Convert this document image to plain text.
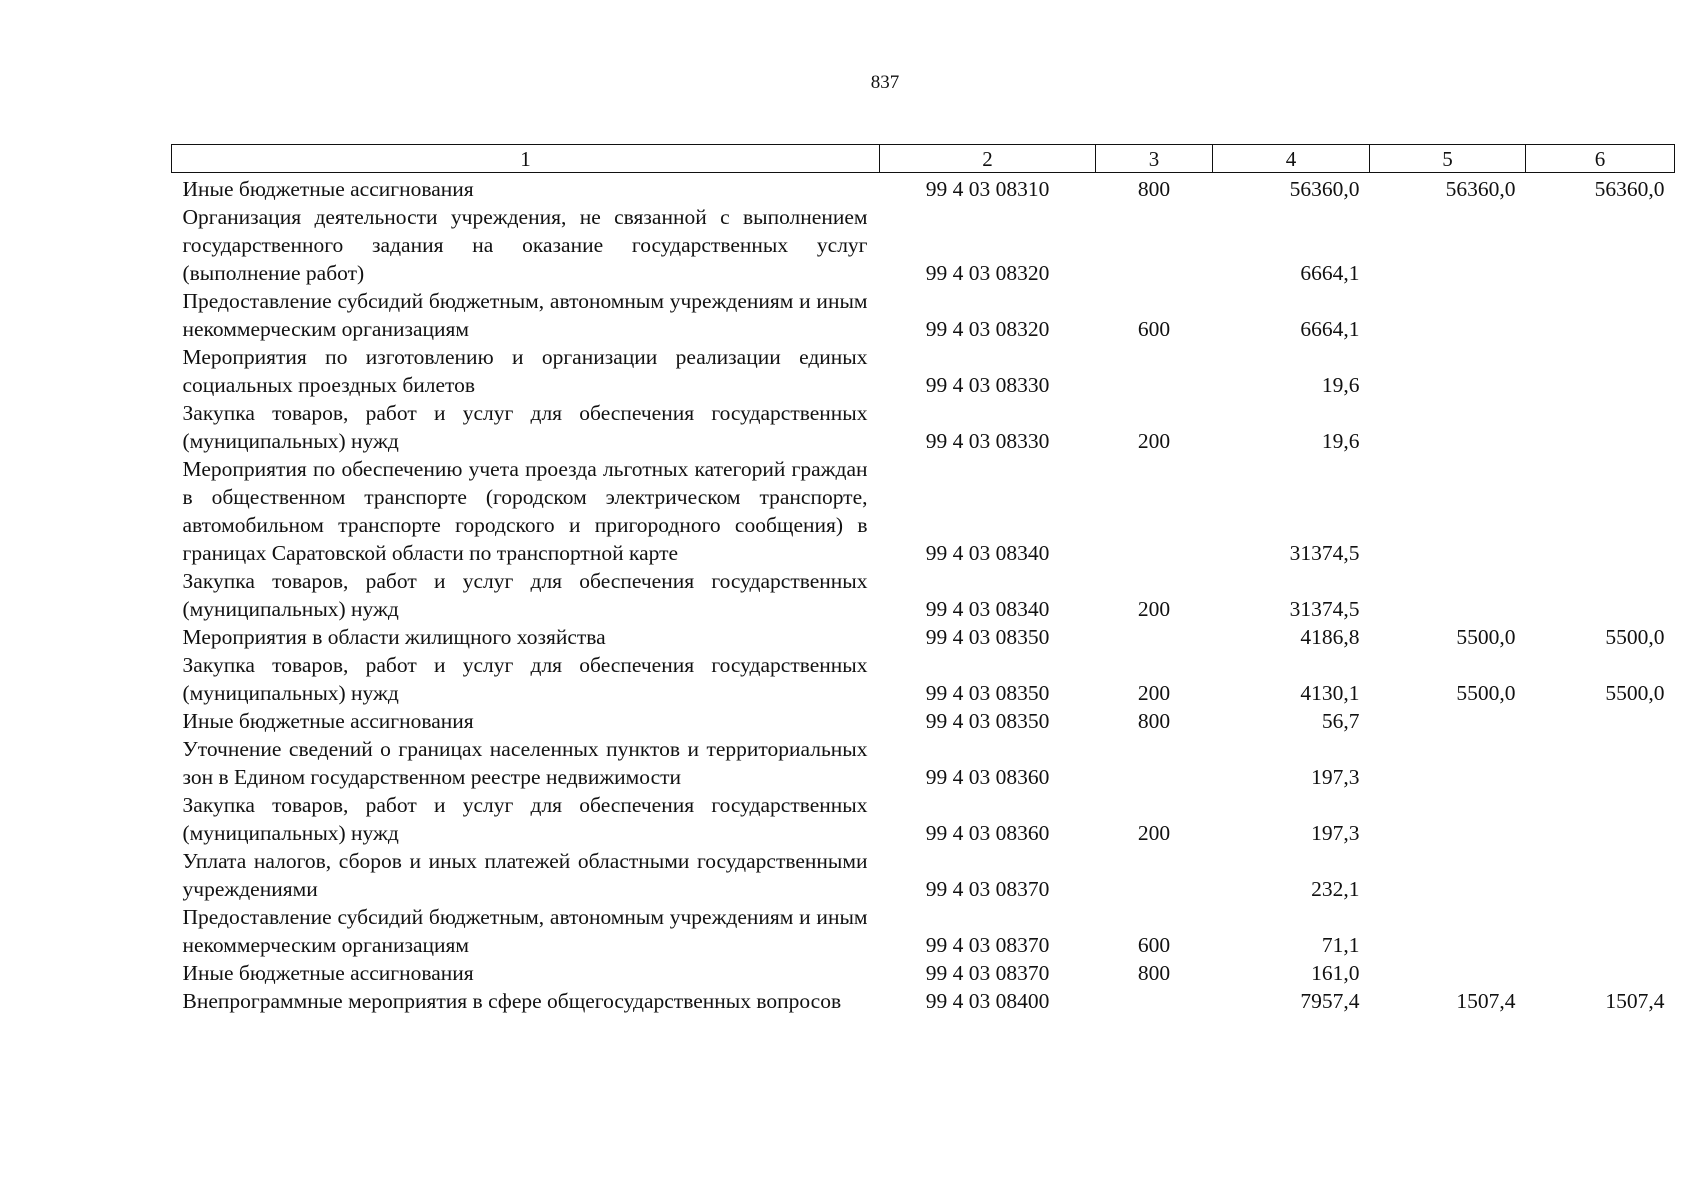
837
1	2	3	4	5	6
Иные бюджетные ассигнования	99 4 03 08310	800	56360,0	56360,0	56360,0
Организация деятельности учреждения, не связанной с выполнением государственного задания на оказание государственных услуг (выполнение работ)	99 4 03 08320		6664,1		
Предоставление субсидий бюджетным, автономным учреждениям и иным некоммерческим организациям	99 4 03 08320	600	6664,1		
Мероприятия по изготовлению и организации реализации единых социальных проездных билетов	99 4 03 08330		19,6		
Закупка товаров, работ и услуг для обеспечения государственных (муниципальных) нужд	99 4 03 08330	200	19,6		
Мероприятия по обеспечению учета проезда льготных категорий граждан в общественном транспорте (городском электрическом транспорте, автомобильном транспорте городского и пригородного сообщения) в границах Саратовской области по транспортной карте	99 4 03 08340		31374,5		
Закупка товаров, работ и услуг для обеспечения государственных (муниципальных) нужд	99 4 03 08340	200	31374,5		
Мероприятия в области жилищного хозяйства	99 4 03 08350		4186,8	5500,0	5500,0
Закупка товаров, работ и услуг для обеспечения государственных (муниципальных) нужд	99 4 03 08350	200	4130,1	5500,0	5500,0
Иные бюджетные ассигнования	99 4 03 08350	800	56,7		
Уточнение сведений о границах населенных пунктов и территориальных зон в Едином государственном реестре недвижимости	99 4 03 08360		197,3		
Закупка товаров, работ и услуг для обеспечения государственных (муниципальных) нужд	99 4 03 08360	200	197,3		
Уплата налогов, сборов и иных платежей областными государственными учреждениями	99 4 03 08370		232,1		
Предоставление субсидий бюджетным, автономным учреждениям и иным некоммерческим организациям	99 4 03 08370	600	71,1		
Иные бюджетные ассигнования	99 4 03 08370	800	161,0		
Внепрограммные мероприятия в сфере общегосударственных вопросов	99 4 03 08400		7957,4	1507,4	1507,4
